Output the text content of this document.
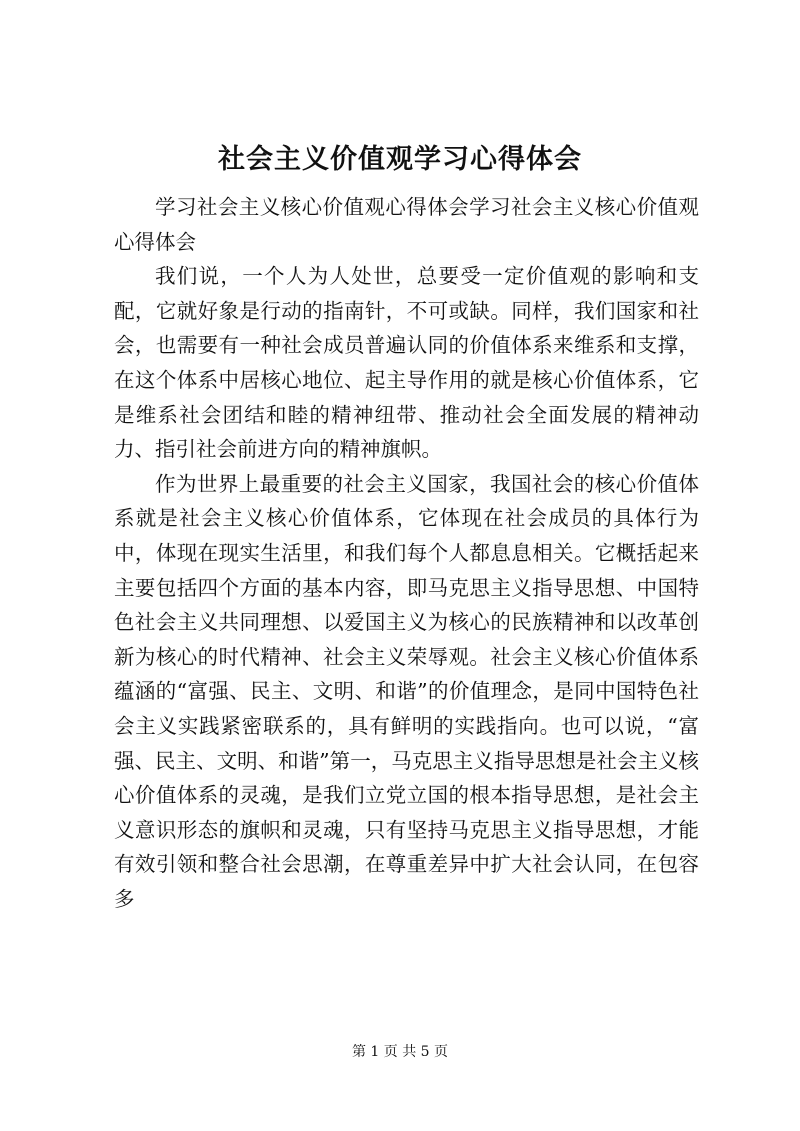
社会主义价值观学习心得体会

学习社会主义核心价值观心得体会学习社会主义核心价值观心得体会

我们说，一个人为人处世，总要受一定价值观的影响和支配，它就好象是行动的指南针，不可或缺。同样，我们国家和社会，也需要有一种社会成员普遍认同的价值体系来维系和支撑，在这个体系中居核心地位、起主导作用的就是核心价值体系，它是维系社会团结和睦的精神纽带、推动社会全面发展的精神动力、指引社会前进方向的精神旗帜。

作为世界上最重要的社会主义国家，我国社会的核心价值体系就是社会主义核心价值体系，它体现在社会成员的具体行为中，体现在现实生活里，和我们每个人都息息相关。它概括起来主要包括四个方面的基本内容，即马克思主义指导思想、中国特色社会主义共同理想、以爱国主义为核心的民族精神和以改革创新为核心的时代精神、社会主义荣辱观。社会主义核心价值体系蕴涵的“富强、民主、文明、和谐”的价值理念，是同中国特色社会主义实践紧密联系的，具有鲜明的实践指向。也可以说，“富强、民主、文明、和谐”第一，马克思主义指导思想是社会主义核心价值体系的灵魂，是我们立党立国的根本指导思想，是社会主义意识形态的旗帜和灵魂，只有坚持马克思主义指导思想，才能有效引领和整合社会思潮，在尊重差异中扩大社会认同，在包容多

第 1 页 共 5 页
